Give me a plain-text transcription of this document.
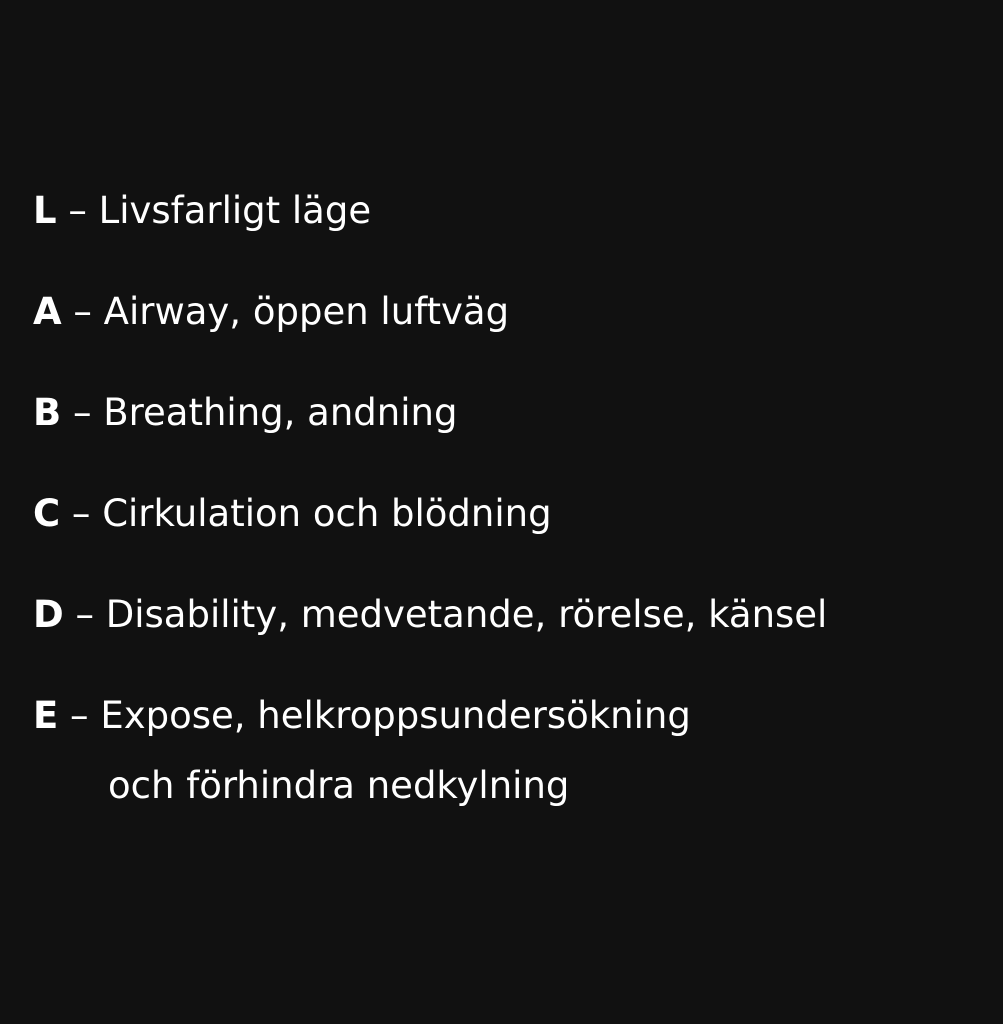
L – Livsfarligt läge
A – Airway, öppen luftväg
B – Breathing, andning
C – Cirkulation och blödning
D – Disability, medvetande, rörelse, känsel
E – Expose, helkroppsundersökning
och förhindra nedkylning
